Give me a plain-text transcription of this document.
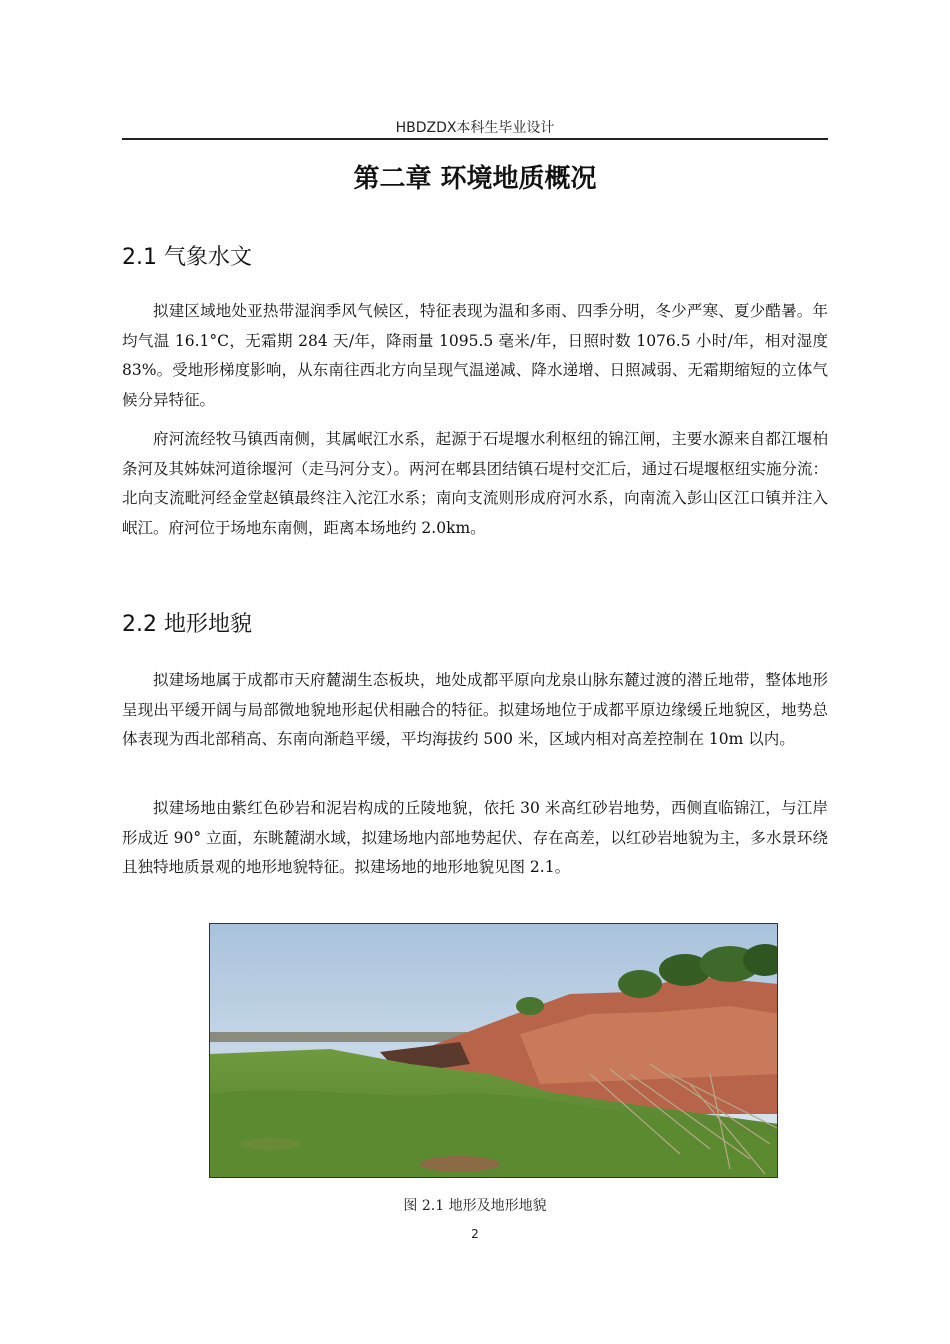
HBDZDX本科生毕业设计
第二章 环境地质概况
2.1 气象水文

拟建区域地处亚热带湿润季风气候区，特征表现为温和多雨、四季分明，冬少严寒、夏少酷暑。年均气温 16.1°C，无霜期 284 天/年，降雨量 1095.5 毫米/年，日照时数 1076.5 小时/年，相对湿度 83%。受地形梯度影响，从东南往西北方向呈现气温递减、降水递增、日照减弱、无霜期缩短的立体气候分异特征。

府河流经牧马镇西南侧，其属岷江水系，起源于石堤堰水利枢纽的锦江闸，主要水源来自都江堰柏条河及其姊妹河道徐堰河（走马河分支）。两河在郫县团结镇石堤村交汇后，通过石堤堰枢纽实施分流：北向支流毗河经金堂赵镇最终注入沱江水系；南向支流则形成府河水系，向南流入彭山区江口镇并注入岷江。府河位于场地东南侧，距离本场地约 2.0km。

2.2 地形地貌

拟建场地属于成都市天府麓湖生态板块，地处成都平原向龙泉山脉东麓过渡的潜丘地带，整体地形呈现出平缓开阔与局部微地貌地形起伏相融合的特征。拟建场地位于成都平原边缘缓丘地貌区，地势总体表现为西北部稍高、东南向渐趋平缓，平均海拔约 500 米，区域内相对高差控制在 10m 以内。

拟建场地由紫红色砂岩和泥岩构成的丘陵地貌，依托 30 米高红砂岩地势，西侧直临锦江，与江岸形成近 90° 立面，东眺麓湖水域，拟建场地内部地势起伏、存在高差，以红砂岩地貌为主，多水景环绕且独特地质景观的地形地貌特征。拟建场地的地形地貌见图 2.1。

图 2.1 地形及地形地貌
2
